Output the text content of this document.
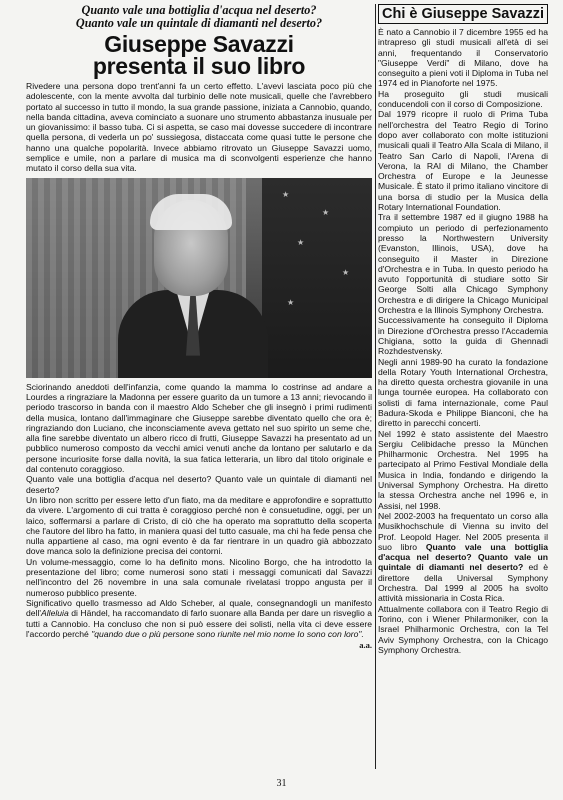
Quanto vale una bottiglia d'acqua nel deserto?

Quanto vale un quintale di diamanti nel deserto?

Giuseppe Savazzi
presenta il suo libro

Rivedere una persona dopo trent'anni fa un certo effetto. L'avevi lasciata poco più che adolescente, con la mente avvolta dal turbinio delle note musicali, quelle che l'avrebbero portato al successo in tutto il mondo, la sua grande passione, iniziata a Cannobio, quando, nella banda cittadina, aveva cominciato a suonare uno strumento abbastanza inusuale per un giovanissimo: il basso tuba. Ci si aspetta, se caso mai dovesse succedere di incontrare quella persona, di vederla un po' sussiegosa, distaccata come quasi tutte le persone che hanno una qualche popolarità. Invece abbiamo ritrovato un Giuseppe Savazzi uomo, semplice e umile, non a parlare di musica ma di sconvolgenti esperienze che hanno mutato il corso della sua vita.

★
★
★
★
★

Sciorinando aneddoti dell'infanzia, come quando la mamma lo costrinse ad andare a Lourdes a ringraziare la Madonna per essere guarito da un tumore a 13 anni; rievocando il periodo trascorso in banda con il maestro Aldo Scheber che gli insegnò i primi rudimenti della musica, lontano dall'immaginare che Giuseppe sarebbe diventato quello che ora è; ringraziando don Luciano, che inconsciamente aveva gettato nel suo spirito un seme che, alla fine sarebbe diventato un albero ricco di frutti, Giuseppe Savazzi ha presentato ad un pubblico numeroso composto da vecchi amici venuti anche da lontano per salutarlo e da persone incuriosite forse dalla novità, la sua fatica letteraria, un libro dal titolo originale e dal contenuto coraggioso.

Quanto vale una bottiglia d'acqua nel deserto? Quanto vale un quintale di diamanti nel deserto?

Un libro non scritto per essere letto d'un fiato, ma da meditare e approfondire e soprattutto da vivere. L'argomento di cui tratta è coraggioso perché non è consuetudine, oggi, per un laico, soffermarsi a parlare di Cristo, di ciò che ha operato ma soprattutto della scoperta che l'autore del libro ha fatto, in maniera quasi del tutto casuale, ma chi ha fede pensa che nulla appartiene al caso, ma ogni evento è da far rientrare in un quadro già abbozzato dove manca solo la definizione precisa dei contorni.

Un volume-messaggio, come lo ha definito mons. Nicolino Borgo, che ha introdotto la presentazione del libro; come numerosi sono stati i messaggi comunicati dal Savazzi nell'incontro del 26 novembre in una sala comunale rivelatasi troppo angusta per il numeroso pubblico presente.

Significativo quello trasmesso ad Aldo Scheber, al quale, consegnandogli un manifesto dell'Alleluia di Händel, ha raccomandato di farlo suonare alla Banda per dare un risveglio a tutti a Cannobio. Ha concluso che non si può essere dei solisti, nella vita ci deve essere l'accordo perché "quando due o più persone sono riunite nel mio nome Io sono con loro".

a.a.
Chi è Giuseppe Savazzi

È nato a Cannobio il 7 dicembre 1955 ed ha intrapreso gli studi musicali all'età di sei anni, frequentando il Conservatorio "Giuseppe Verdi" di Milano, dove ha conseguito a pieni voti il Diploma in Tuba nel 1974 ed in Pianoforte nel 1975.

Ha proseguito gli studi musicali conducendoli con il corso di Composizione.

Dal 1979 ricopre il ruolo di Prima Tuba nell'orchestra del Teatro Regio di Torino dopo aver collaborato con molte istituzioni musicali quali il Teatro Alla Scala di Milano, il Teatro San Carlo di Napoli, l'Arena di Verona, la RAI di Milano, the Chamber Orchestra of Europe e la Jeunesse Musicale. È stato il primo italiano vincitore di una borsa di studio per la Musica della Rotary International Foundation.

Tra il settembre 1987 ed il giugno 1988 ha compiuto un periodo di perfezionamento presso la Northwestern University (Evanston, Illinois, USA), dove ha conseguito il Master in Direzione d'Orchestra e in Tuba. In questo periodo ha avuto l'opportunità di studiare sotto Sir George Solti alla Chicago Symphony Orchestra e di dirigere la Chicago Municipal Orchestra e la Illinois Symphony Orchestra.

Successivamente ha conseguito il Diploma in Direzione d'Orchestra presso l'Accademia Chigiana, sotto la guida di Ghennadi Rozhdestvensky.

Negli anni 1989-90 ha curato la fondazione della Rotary Youth International Orchestra, ha diretto questa orchestra giovanile in una lunga tournée europea. Ha collaborato con solisti di fama internazionale, come Paul Badura-Skoda e Philippe Bianconi, che ha diretto in parecchi concerti.

Nel 1992 è stato assistente del Maestro Sergiu Celibidache presso la München Philharmonic Orchestra. Nel 1995 ha partecipato al Primo Festival Mondiale della Musica in India, fondando e dirigendo la Universal Symphony Orchestra. Ha diretto la stessa Orchestra anche nel 1996 e, in Assisi, nel 1998.

Nel 2002-2003 ha frequentato un corso alla Musikhochschule di Vienna su invito del Prof. Leopold Hager. Nel 2005 presenta il suo libro Quanto vale una bottiglia d'acqua nel deserto? Quanto vale un quintale di diamanti nel deserto? ed è direttore della Universal Symphony Orchestra. Dal 1999 al 2005 ha svolto attività missionaria in Costa Rica.

Attualmente collabora con il Teatro Regio di Torino, con i Wiener Philarmoniker, con la Israel Philharmonic Orchestra, con la Tel Aviv Symphony Orchestra, con la Chicago Symphony Orchestra.

31
